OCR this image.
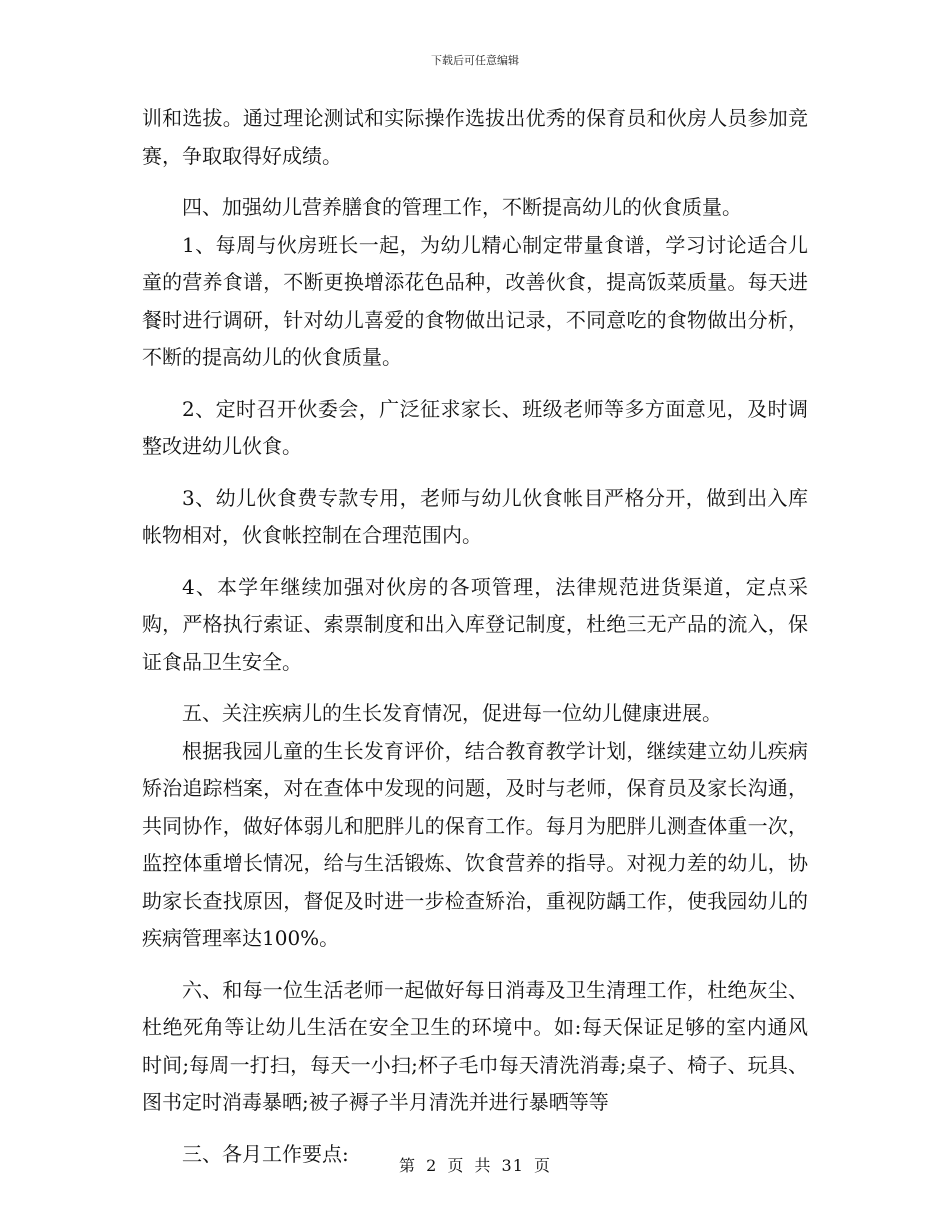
下载后可任意编辑

训和选拔。通过理论测试和实际操作选拔出优秀的保育员和伙房人员参加竞赛，争取取得好成绩。

四、加强幼儿营养膳食的管理工作，不断提高幼儿的伙食质量。

1、每周与伙房班长一起，为幼儿精心制定带量食谱，学习讨论适合儿童的营养食谱，不断更换增添花色品种，改善伙食，提高饭菜质量。每天进餐时进行调研，针对幼儿喜爱的食物做出记录，不同意吃的食物做出分析，不断的提高幼儿的伙食质量。

2、定时召开伙委会，广泛征求家长、班级老师等多方面意见，及时调整改进幼儿伙食。

3、幼儿伙食费专款专用，老师与幼儿伙食帐目严格分开，做到出入库帐物相对，伙食帐控制在合理范围内。

4、本学年继续加强对伙房的各项管理，法律规范进货渠道，定点采购，严格执行索证、索票制度和出入库登记制度，杜绝三无产品的流入，保证食品卫生安全。

五、关注疾病儿的生长发育情况，促进每一位幼儿健康进展。

根据我园儿童的生长发育评价，结合教育教学计划，继续建立幼儿疾病矫治追踪档案，对在查体中发现的问题，及时与老师，保育员及家长沟通，共同协作，做好体弱儿和肥胖儿的保育工作。每月为肥胖儿测查体重一次，监控体重增长情况，给与生活锻炼、饮食营养的指导。对视力差的幼儿，协助家长查找原因，督促及时进一步检查矫治，重视防龋工作，使我园幼儿的疾病管理率达100%。

六、和每一位生活老师一起做好每日消毒及卫生清理工作，杜绝灰尘、杜绝死角等让幼儿生活在安全卫生的环境中。如:每天保证足够的室内通风时间;每周一打扫，每天一小扫;杯子毛巾每天清洗消毒;桌子、椅子、玩具、图书定时消毒暴晒;被子褥子半月清洗并进行暴晒等等

三、各月工作要点:	第 2 页 共 31 页
